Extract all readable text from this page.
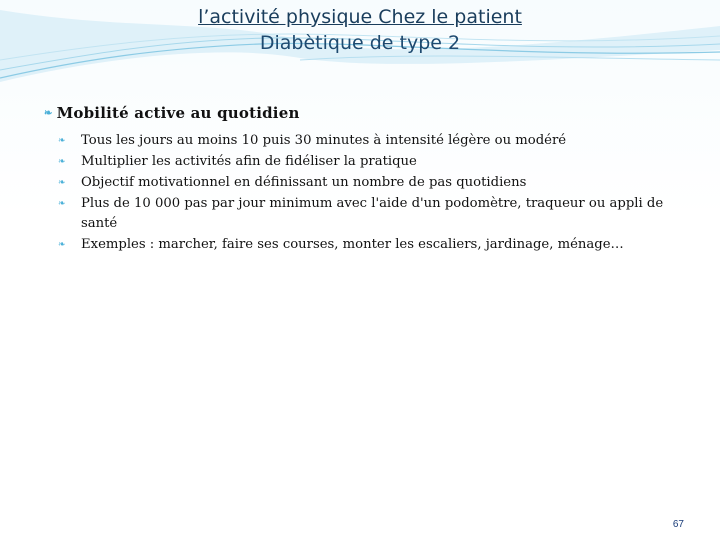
l’activité physique Chez le patient
Diabètique de type 2
❧ Mobilité active au quotidien
❧ Tous les jours au moins 10 puis 30 minutes à intensité légère ou modéré
❧ Multiplier les activités afin de fidéliser la pratique
❧ Objectif motivationnel en définissant un nombre de pas quotidiens
❧ Plus de 10 000 pas par jour minimum avec l'aide d'un podomètre, traqueur ou appli de santé
❧ Exemples : marcher, faire ses courses, monter les escaliers, jardinage, ménage…
67
